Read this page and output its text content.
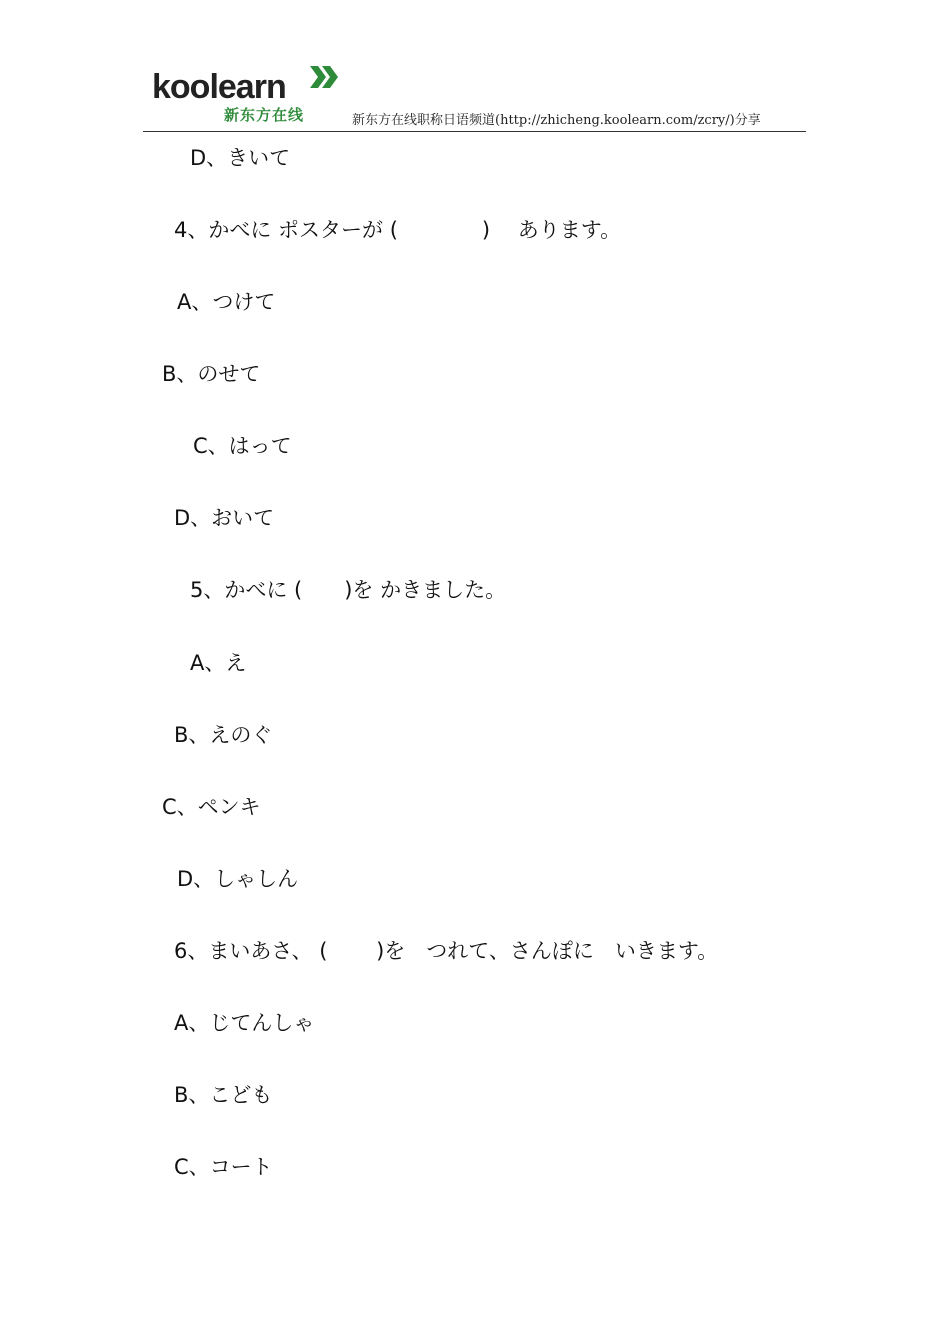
koolearn
新东方在线	新东方在线职称日语频道(http://zhicheng.koolearn.com/zcry/)分享
D、きいて
4、かべに ポスターが (　　　　)　 あります。
A、つけて
B、のせて
C、はって
D、おいて
5、かべに (　　)を かきました。
A、え
B、えのぐ
C、ペンキ
D、しゃしん
6、まいあさ、 (　　 )を　つれて、さんぽに　いきます。
A、じてんしゃ
B、こども
C、コート
